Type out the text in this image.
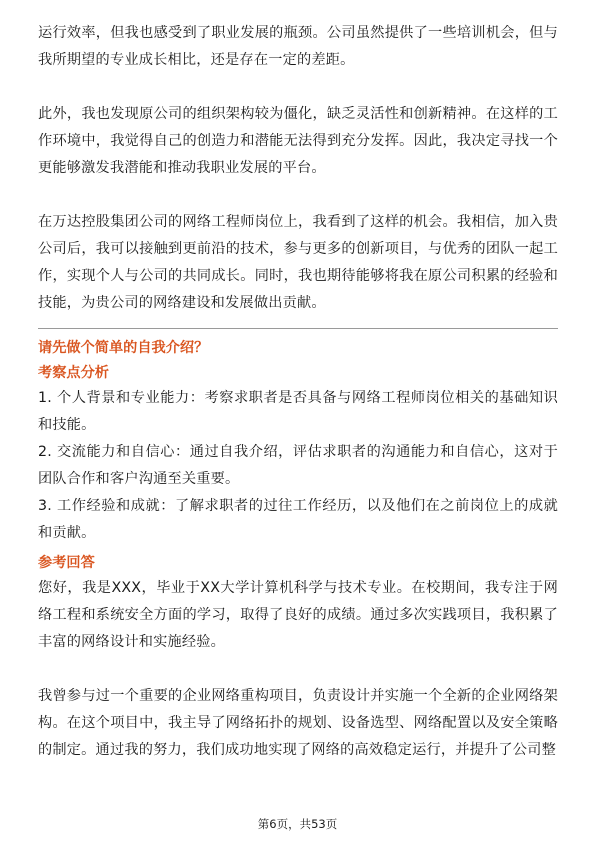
运行效率，但我也感受到了职业发展的瓶颈。公司虽然提供了一些培训机会，但与我所期望的专业成长相比，还是存在一定的差距。

此外，我也发现原公司的组织架构较为僵化，缺乏灵活性和创新精神。在这样的工作环境中，我觉得自己的创造力和潜能无法得到充分发挥。因此，我决定寻找一个更能够激发我潜能和推动我职业发展的平台。

在万达控股集团公司的网络工程师岗位上，我看到了这样的机会。我相信，加入贵公司后，我可以接触到更前沿的技术，参与更多的创新项目，与优秀的团队一起工作，实现个人与公司的共同成长。同时，我也期待能够将我在原公司积累的经验和技能，为贵公司的网络建设和发展做出贡献。

请先做个简单的自我介绍？

考察点分析

1. 个人背景和专业能力：考察求职者是否具备与网络工程师岗位相关的基础知识和技能。

2. 交流能力和自信心：通过自我介绍，评估求职者的沟通能力和自信心，这对于团队合作和客户沟通至关重要。

3. 工作经验和成就：了解求职者的过往工作经历，以及他们在之前岗位上的成就和贡献。

参考回答

您好，我是XXX，毕业于XX大学计算机科学与技术专业。在校期间，我专注于网络工程和系统安全方面的学习，取得了良好的成绩。通过多次实践项目，我积累了丰富的网络设计和实施经验。

我曾参与过一个重要的企业网络重构项目，负责设计并实施一个全新的企业网络架构。在这个项目中，我主导了网络拓扑的规划、设备选型、网络配置以及安全策略的制定。通过我的努力，我们成功地实现了网络的高效稳定运行，并提升了公司整

第6页，共53页
